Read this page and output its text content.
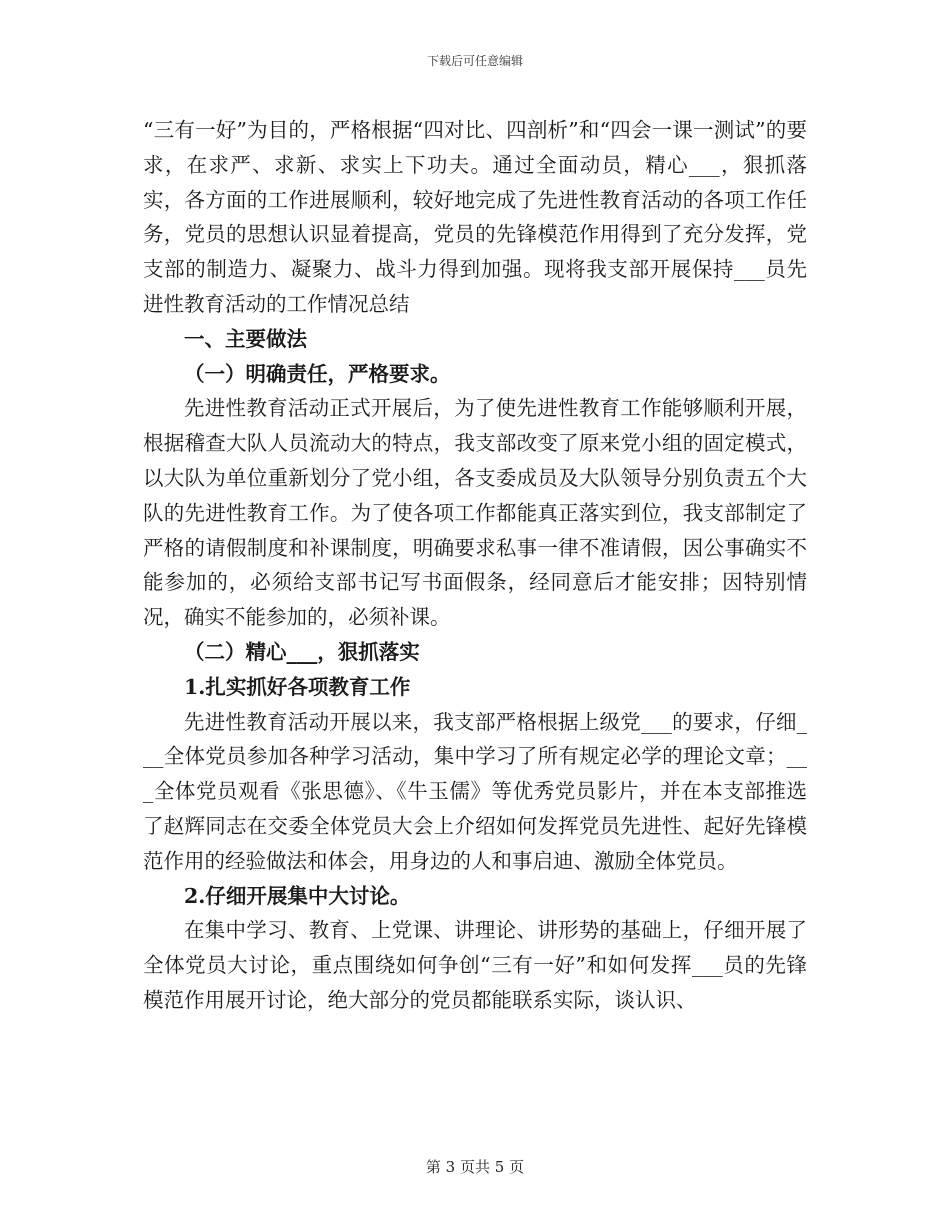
下载后可任意编辑

“三有一好”为目的，严格根据“四对比、四剖析”和“四会一课一测试”的要求，在求严、求新、求实上下功夫。通过全面动员，精心___，狠抓落实，各方面的工作进展顺利，较好地完成了先进性教育活动的各项工作任务，党员的思想认识显着提高，党员的先锋模范作用得到了充分发挥，党支部的制造力、凝聚力、战斗力得到加强。现将我支部开展保持___员先进性教育活动的工作情况总结

一、主要做法

（一）明确责任，严格要求。

先进性教育活动正式开展后，为了使先进性教育工作能够顺利开展，根据稽查大队人员流动大的特点，我支部改变了原来党小组的固定模式，以大队为单位重新划分了党小组，各支委成员及大队领导分别负责五个大队的先进性教育工作。为了使各项工作都能真正落实到位，我支部制定了严格的请假制度和补课制度，明确要求私事一律不准请假，因公事确实不能参加的，必须给支部书记写书面假条，经同意后才能安排；因特别情况，确实不能参加的，必须补课。

（二）精心___，狠抓落实

1.扎实抓好各项教育工作

先进性教育活动开展以来，我支部严格根据上级党___的要求，仔细___全体党员参加各种学习活动，集中学习了所有规定必学的理论文章；___全体党员观看《张思德》、《牛玉儒》等优秀党员影片，并在本支部推选了赵辉同志在交委全体党员大会上介绍如何发挥党员先进性、起好先锋模范作用的经验做法和体会，用身边的人和事启迪、激励全体党员。

2.仔细开展集中大讨论。

在集中学习、教育、上党课、讲理论、讲形势的基础上，仔细开展了全体党员大讨论，重点围绕如何争创“三有一好”和如何发挥___员的先锋模范作用展开讨论，绝大部分的党员都能联系实际，谈认识、

第 3 页共 5 页
